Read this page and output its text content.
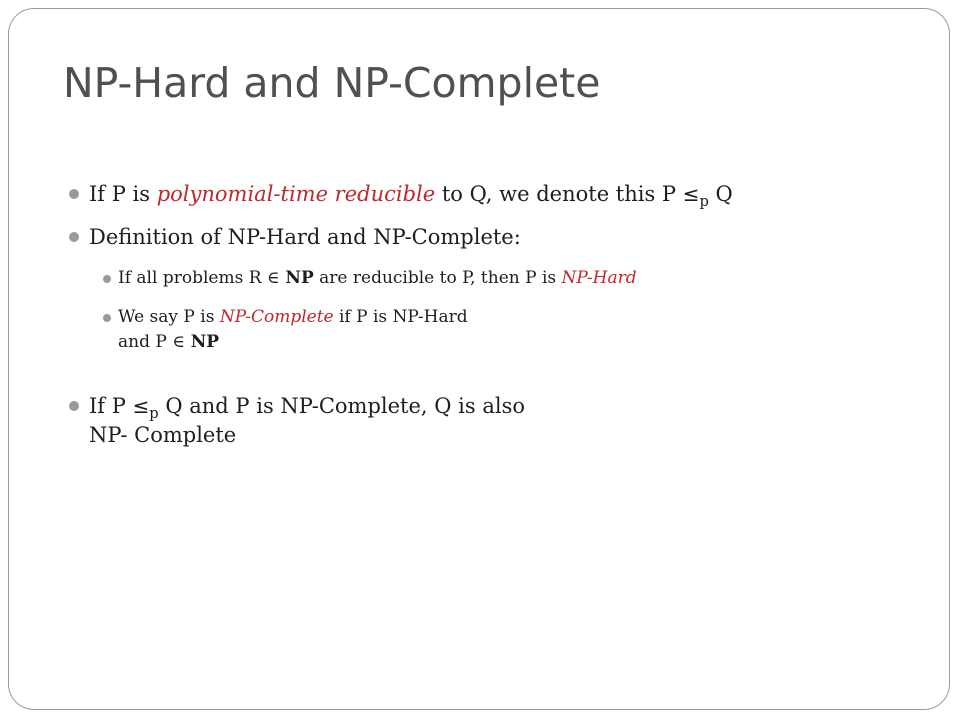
NP-Hard and NP-Complete
If P is polynomial-time reducible to Q, we denote this $P \le_p$ Q
Definition of NP-Hard and NP-Complete:
If all problems R ∈ NP are reducible to P, then P is NP-Hard
We say P is NP-Complete if P is NP-Hard
and P ∈ NP
If $P \le_p$ Q and P is NP-Complete, Q is also
NP- Complete
